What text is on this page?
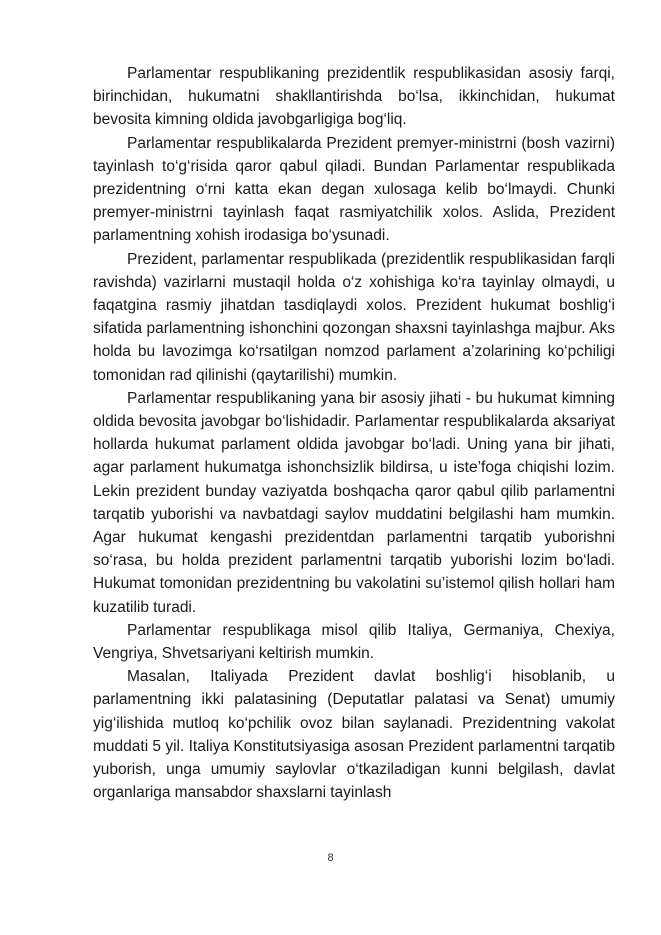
Parlamentar respublikaning prezidentlik respublikasidan asosiy farqi, birinchidan, hukumatni shakllantirishda bo‘lsa, ikkinchidan, hukumat bevosita kimning oldida javobgarligiga bog‘liq.

Parlamentar respublikalarda Prezident premyer-ministrni (bosh vazirni) tayinlash to‘g‘risida qaror qabul qiladi. Bundan Parlamentar respublikada prezidentning o‘rni katta ekan degan xulosaga kelib bo‘lmaydi. Chunki premyer-ministrni tayinlash faqat rasmiyatchilik xolos. Aslida, Prezident parlamentning xohish irodasiga bo‘ysunadi.

Prezident, parlamentar respublikada (prezidentlik respublikasidan farqli ravishda) vazirlarni mustaqil holda o‘z xohishiga ko‘ra tayinlay olmaydi, u faqatgina rasmiy jihatdan tasdiqlaydi xolos. Prezident hukumat boshlig‘i sifatida parlamentning ishonchini qozongan shaxsni tayinlashga majbur. Aks holda bu lavozimga ko‘rsatilgan nomzod parlament a’zolarining ko‘pchiligi tomonidan rad qilinishi (qaytarilishi) mumkin.

Parlamentar respublikaning yana bir asosiy jihati - bu hukumat kimning oldida bevosita javobgar bo‘lishidadir. Parlamentar respublikalarda aksariyat hollarda hukumat parlament oldida javobgar bo‘ladi. Uning yana bir jihati, agar parlament hukumatga ishonchsizlik bildirsa, u iste’foga chiqishi lozim. Lekin prezident bunday vaziyatda boshqacha qaror qabul qilib parlamentni tarqatib yuborishi va navbatdagi saylov muddatini belgilashi ham mumkin. Agar hukumat kengashi prezidentdan parlamentni tarqatib yuborishni so‘rasa, bu holda prezident parlamentni tarqatib yuborishi lozim bo‘ladi. Hukumat tomonidan prezidentning bu vakolatini su’istemol qilish hollari ham kuzatilib turadi.

Parlamentar respublikaga misol qilib Italiya, Germaniya, Chexiya, Vengriya, Shvetsariyani keltirish mumkin.

Masalan, Italiyada Prezident davlat boshlig‘i hisoblanib, u parlamentning ikki palatasining (Deputatlar palatasi va Senat) umumiy yig‘ilishida mutloq ko‘pchilik ovoz bilan saylanadi. Prezidentning vakolat muddati 5 yil. Italiya Konstitutsiyasiga asosan Prezident parlamentni tarqatib yuborish, unga umumiy saylovlar o‘tkaziladigan kunni belgilash, davlat organlariga mansabdor shaxslarni tayinlash

8
